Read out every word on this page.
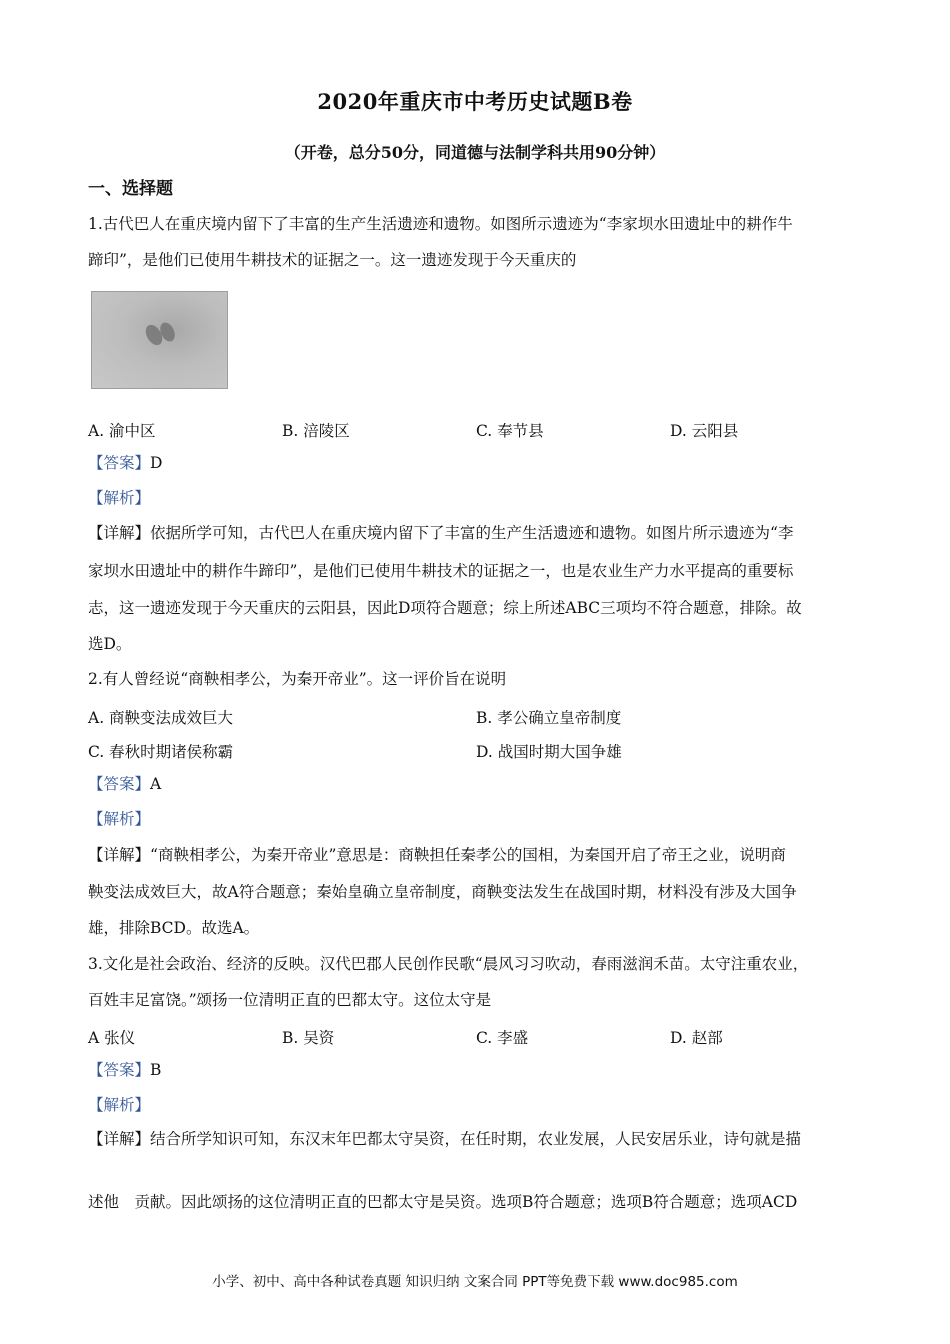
2020年重庆市中考历史试题B卷
（开卷，总分50分，同道德与法制学科共用90分钟）
一、选择题

1.古代巴人在重庆境内留下了丰富的生产生活遗迹和遗物。如图所示遗迹为“李家坝水田遗址中的耕作牛

蹄印”，是他们已使用牛耕技术的证据之一。这一遗迹发现于今天重庆的

A. 渝中区	B. 涪陵区	C. 奉节县	D. 云阳县

【答案】D

【解析】

【详解】依据所学可知，古代巴人在重庆境内留下了丰富的生产生活遗迹和遗物。如图片所示遗迹为“李

家坝水田遗址中的耕作牛蹄印”，是他们已使用牛耕技术的证据之一，也是农业生产力水平提高的重要标

志，这一遗迹发现于今天重庆的云阳县，因此D项符合题意；综上所述ABC三项均不符合题意，排除。故

选D。

2.有人曾经说“商鞅相孝公，为秦开帝业”。这一评价旨在说明

A. 商鞅变法成效巨大	B. 孝公确立皇帝制度
C. 春秋时期诸侯称霸	D. 战国时期大国争雄

【答案】A

【解析】

【详解】“商鞅相孝公，为秦开帝业”意思是：商鞅担任秦孝公的国相，为秦国开启了帝王之业，说明商

鞅变法成效巨大，故A符合题意；秦始皇确立皇帝制度，商鞅变法发生在战国时期，材料没有涉及大国争

雄，排除BCD。故选A。

3.文化是社会政治、经济的反映。汉代巴郡人民创作民歌“晨风习习吹动，春雨滋润禾苗。太守注重农业，

百姓丰足富饶。”颂扬一位清明正直的巴都太守。这位太守是

A 张仪	B. 吴资	C. 李盛	D. 赵部

【答案】B

【解析】

【详解】结合所学知识可知，东汉末年巴都太守吴资，在任时期，农业发展，人民安居乐业，诗句就是描

述他　贡献。因此颂扬的这位清明正直的巴都太守是吴资。选项B符合题意；选项B符合题意；选项ACD

小学、初中、高中各种试卷真题 知识归纳 文案合同 PPT等免费下载 www.doc985.com
